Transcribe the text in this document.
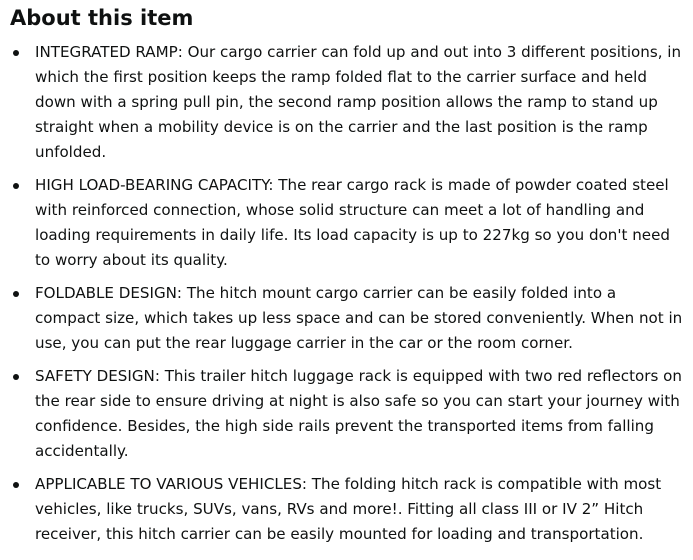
About this item
INTEGRATED RAMP: Our cargo carrier can fold up and out into 3 different positions, in which the first position keeps the ramp folded flat to the carrier surface and held down with a spring pull pin, the second ramp position allows the ramp to stand up straight when a mobility device is on the carrier and the last position is the ramp unfolded.
HIGH LOAD-BEARING CAPACITY: The rear cargo rack is made of powder coated steel with reinforced connection, whose solid structure can meet a lot of handling and loading requirements in daily life. Its load capacity is up to 227kg so you don't need to worry about its quality.
FOLDABLE DESIGN: The hitch mount cargo carrier can be easily folded into a compact size, which takes up less space and can be stored conveniently. When not in use, you can put the rear luggage carrier in the car or the room corner.
SAFETY DESIGN: This trailer hitch luggage rack is equipped with two red reflectors on the rear side to ensure driving at night is also safe so you can start your journey with confidence. Besides, the high side rails prevent the transported items from falling accidentally.
APPLICABLE TO VARIOUS VEHICLES: The folding hitch rack is compatible with most vehicles, like trucks, SUVs, vans, RVs and more!. Fitting all class III or IV 2” Hitch receiver, this hitch carrier can be easily mounted for loading and transportation.
